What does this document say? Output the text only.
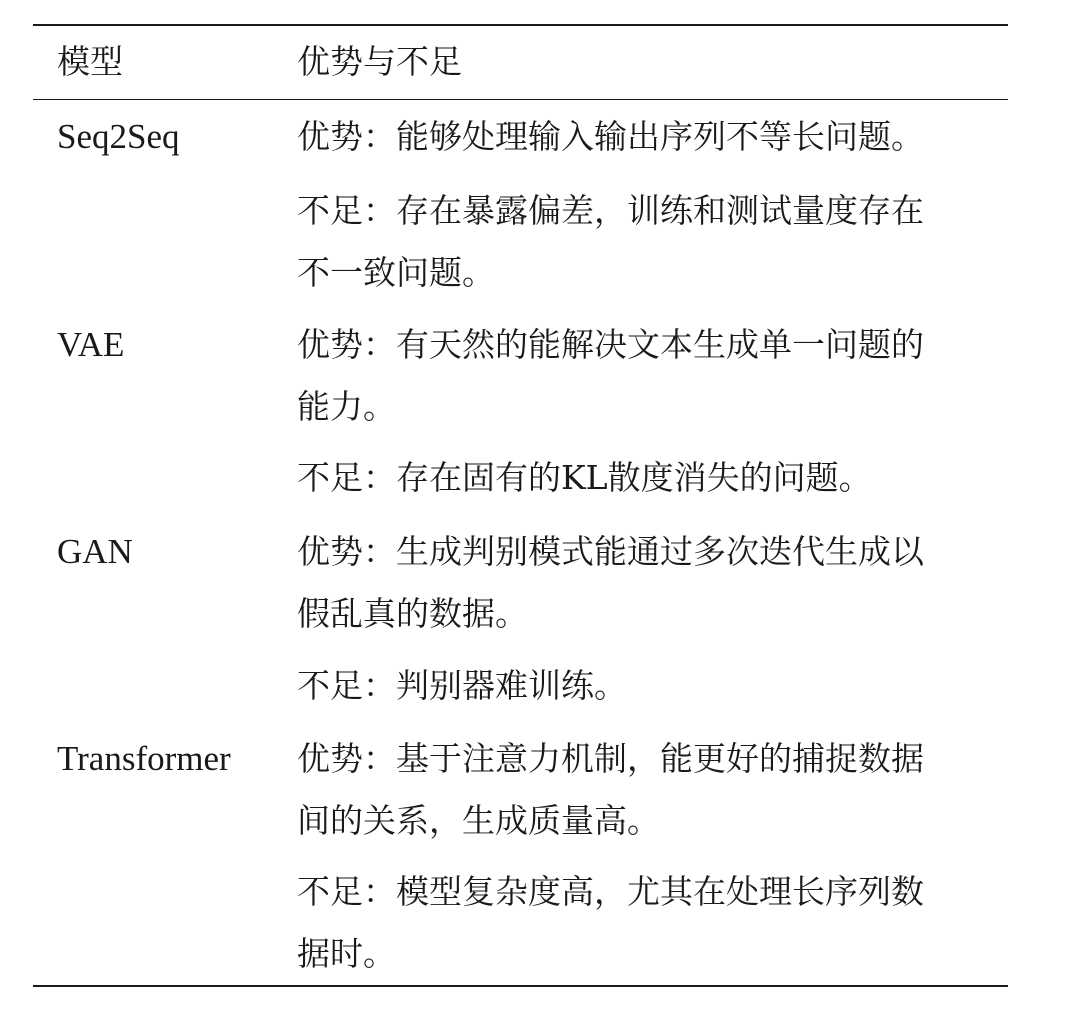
模型	优势与不足
Seq2Seq	优势：能够处理输入输出序列不等长问题。
不足：存在暴露偏差，训练和测试量度存在
不一致问题。
VAE	优势：有天然的能解决文本生成单一问题的
能力。
不足：存在固有的KL散度消失的问题。
GAN	优势：生成判别模式能通过多次迭代生成以
假乱真的数据。
不足：判别器难训练。
Transformer 优势：基于注意力机制，能更好的捕捉数据
间的关系，生成质量高。
不足：模型复杂度高，尤其在处理长序列数
据时。
